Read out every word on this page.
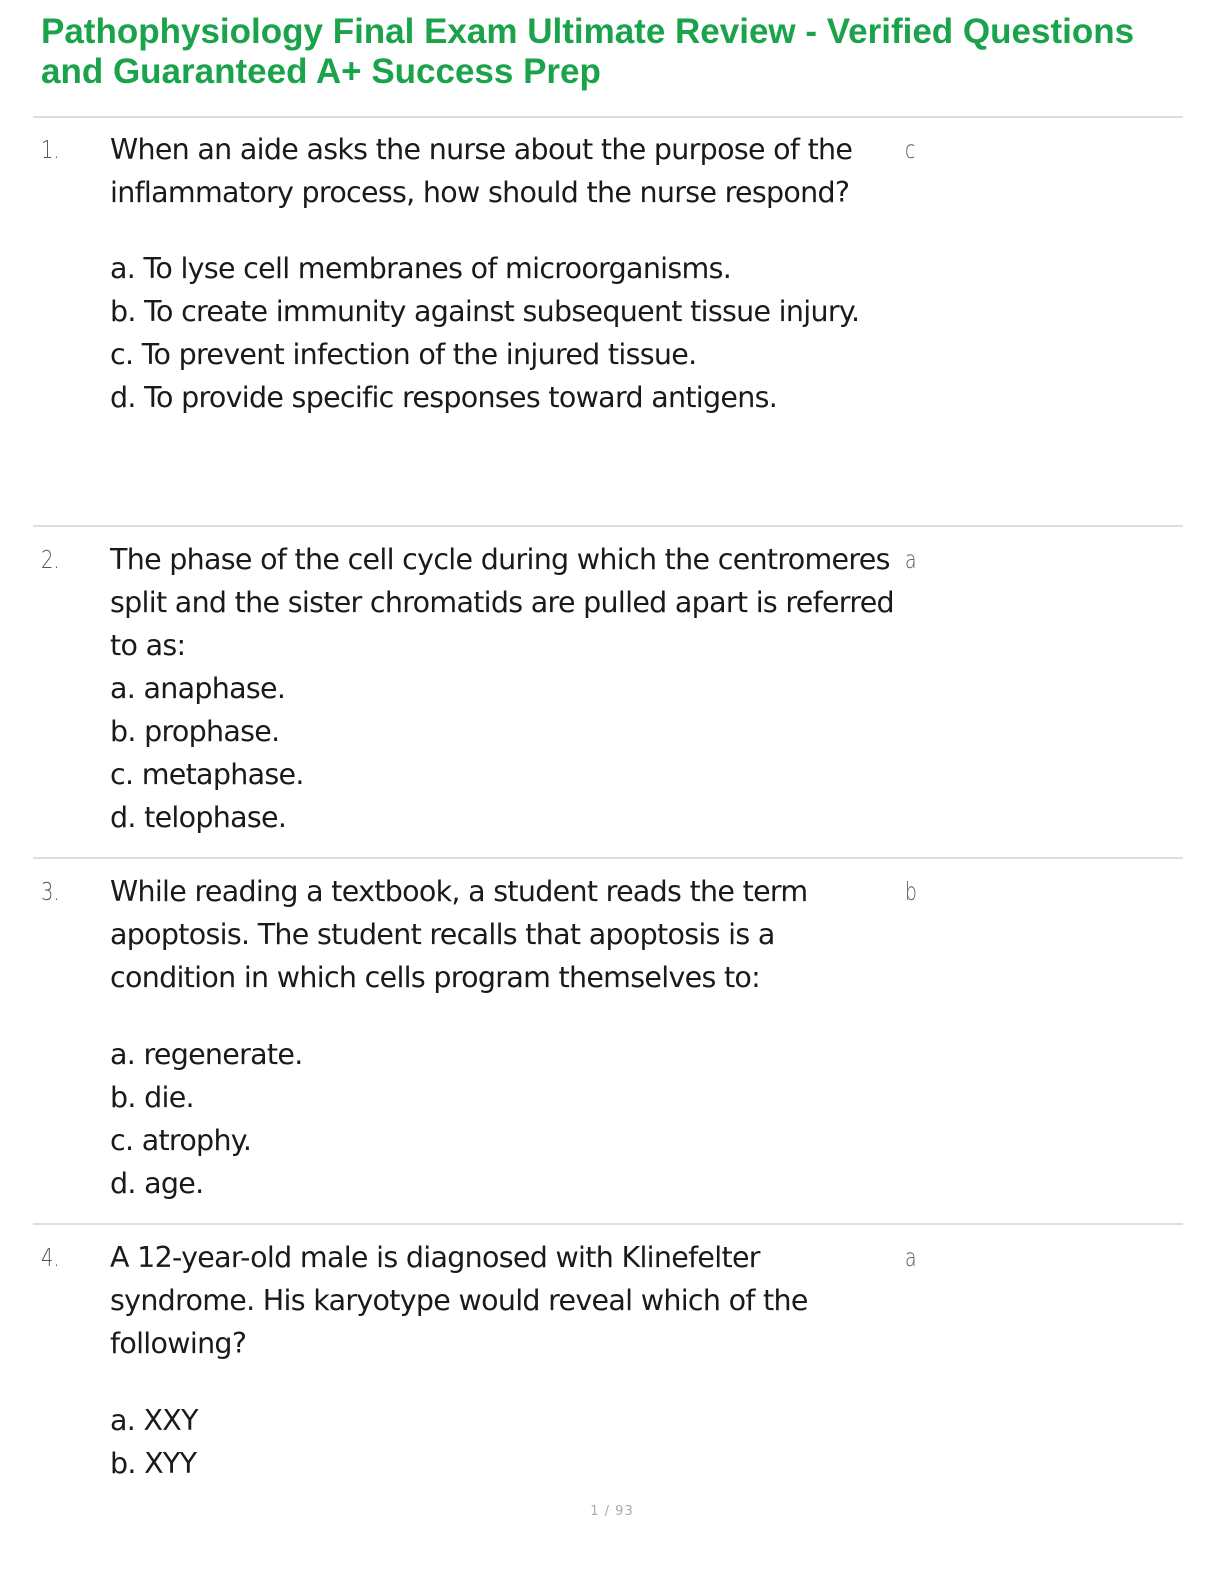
Pathophysiology Final Exam Ultimate Review - Verified Questions and Guaranteed A+ Success Prep
1. When an aide asks the nurse about the purpose of the inflammatory process, how should the nurse respond?

a. To lyse cell membranes of microorganisms.
b. To create immunity against subsequent tissue injury.
c. To prevent infection of the injured tissue.
d. To provide specific responses toward antigens.
c
2. The phase of the cell cycle during which the centromeres split and the sister chromatids are pulled apart is referred to as:

a. anaphase.
b. prophase.
c. metaphase.
d. telophase.
a
3. While reading a textbook, a student reads the term apoptosis. The student recalls that apoptosis is a condition in which cells program themselves to:

a. regenerate.
b. die.
c. atrophy.
d. age.
b
4. A 12-year-old male is diagnosed with Klinefelter syndrome. His karyotype would reveal which of the following?

a. XXY
b. XYY
a
1 / 93
